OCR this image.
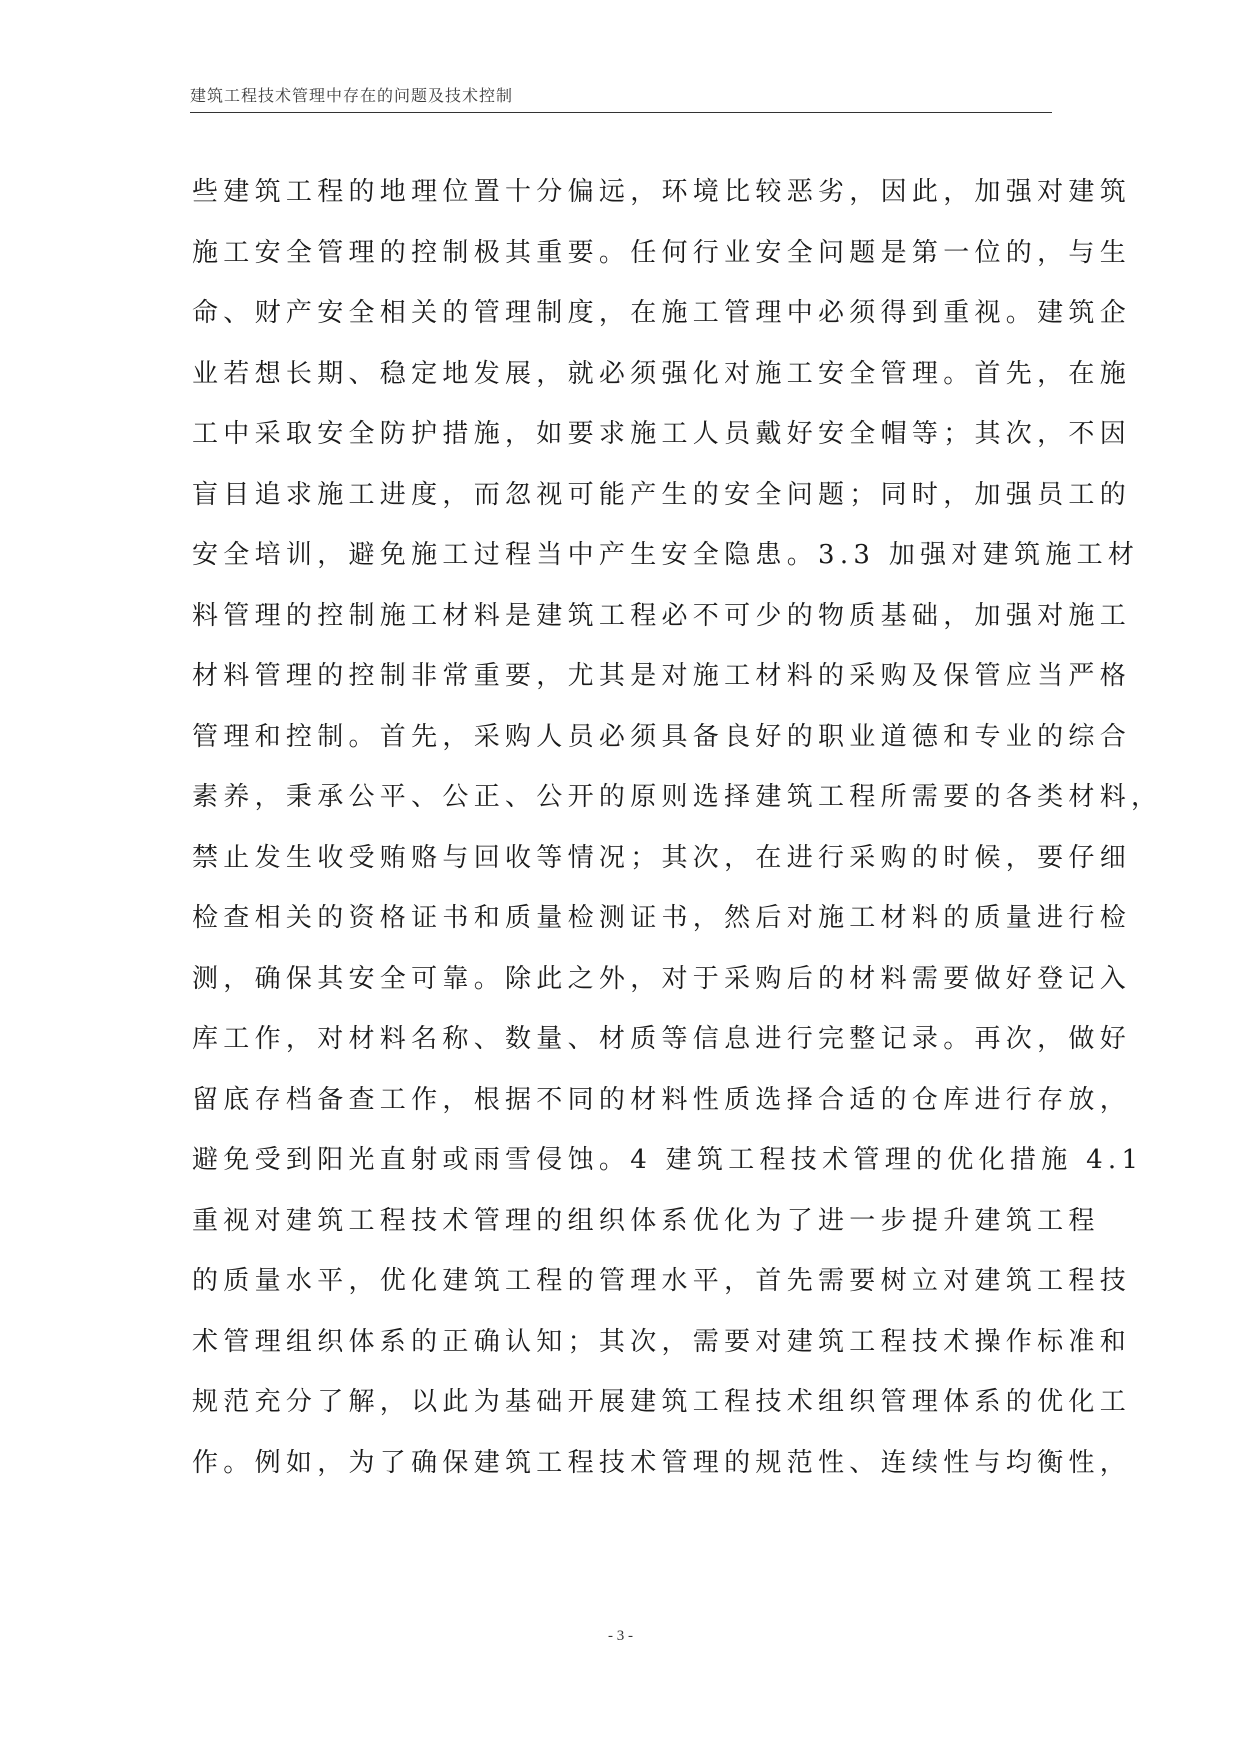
建筑工程技术管理中存在的问题及技术控制
些建筑工程的地理位置十分偏远，环境比较恶劣，因此，加强对建筑
施工安全管理的控制极其重要。任何行业安全问题是第一位的，与生
命、财产安全相关的管理制度，在施工管理中必须得到重视。建筑企
业若想长期、稳定地发展，就必须强化对施工安全管理。首先，在施
工中采取安全防护措施，如要求施工人员戴好安全帽等；其次，不因
盲目追求施工进度，而忽视可能产生的安全问题；同时，加强员工的
安全培训，避免施工过程当中产生安全隐患。3.3 加强对建筑施工材
料管理的控制施工材料是建筑工程必不可少的物质基础，加强对施工
材料管理的控制非常重要，尤其是对施工材料的采购及保管应当严格
管理和控制。首先，采购人员必须具备良好的职业道德和专业的综合
素养，秉承公平、公正、公开的原则选择建筑工程所需要的各类材料，
禁止发生收受贿赂与回收等情况；其次，在进行采购的时候，要仔细
检查相关的资格证书和质量检测证书，然后对施工材料的质量进行检
测，确保其安全可靠。除此之外，对于采购后的材料需要做好登记入
库工作，对材料名称、数量、材质等信息进行完整记录。再次，做好
留底存档备查工作，根据不同的材料性质选择合适的仓库进行存放，
避免受到阳光直射或雨雪侵蚀。4 建筑工程技术管理的优化措施 4.1
重视对建筑工程技术管理的组织体系优化为了进一步提升建筑工程
的质量水平，优化建筑工程的管理水平，首先需要树立对建筑工程技
术管理组织体系的正确认知；其次，需要对建筑工程技术操作标准和
规范充分了解，以此为基础开展建筑工程技术组织管理体系的优化工
作。例如，为了确保建筑工程技术管理的规范性、连续性与均衡性，
- 3 -
